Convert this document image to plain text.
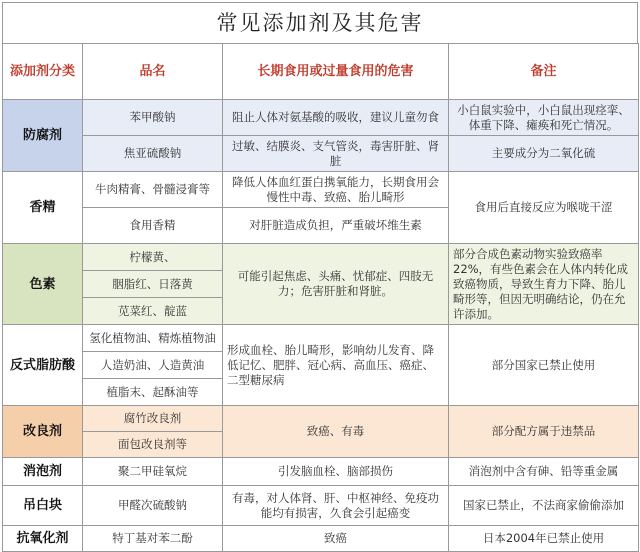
常见添加剂及其危害
添加剂分类	品名	长期食用或过量食用的危害	备注
防腐剂	苯甲酸钠	阻止人体对氨基酸的吸收，建议儿童勿食	小白鼠实验中，小白鼠出现痉挛、体重下降、瘫痪和死亡情况。
	焦亚硫酸钠	过敏、结膜炎、支气管炎，毒害肝脏、肾脏	主要成分为二氧化硫
香精	牛肉精膏、骨髓浸膏等	降低人体血红蛋白携氧能力，长期食用会慢性中毒、致癌、胎儿畸形	食用后直接反应为喉咙干涩
	食用香精	对肝脏造成负担，严重破坏维生素	
色素	柠檬黄、	可能引起焦虑、头痛、忧郁症、四肢无力；危害肝脏和肾脏。	部分合成色素动物实验致癌率22%，有些色素会在人体内转化成致癌物质，导致生育力下降、胎儿畸形等，但因无明确结论，仍在允许添加。
	胭脂红、日落黄		
	苋菜红、靛蓝		
反式脂肪酸	氢化植物油、精炼植物油	形成血栓、胎儿畸形，影响幼儿发育、降低记忆、肥胖、冠心病、高血压、癌症、二型糖尿病	部分国家已禁止使用
	人造奶油、人造黄油		
	植脂末、起酥油等		
改良剂	腐竹改良剂	致癌、有毒	部分配方属于违禁品
	面包改良剂等		
消泡剂	聚二甲硅氧烷	引发脑血栓、脑部损伤	消泡剂中含有砷、铅等重金属
吊白块	甲醛次硫酸钠	有毒，对人体肾、肝、中枢神经、免疫功能均有损害，久食会引起癌变	国家已禁止，不法商家偷偷添加
抗氧化剂	特丁基对苯二酚	致癌	日本2004年已禁止使用
